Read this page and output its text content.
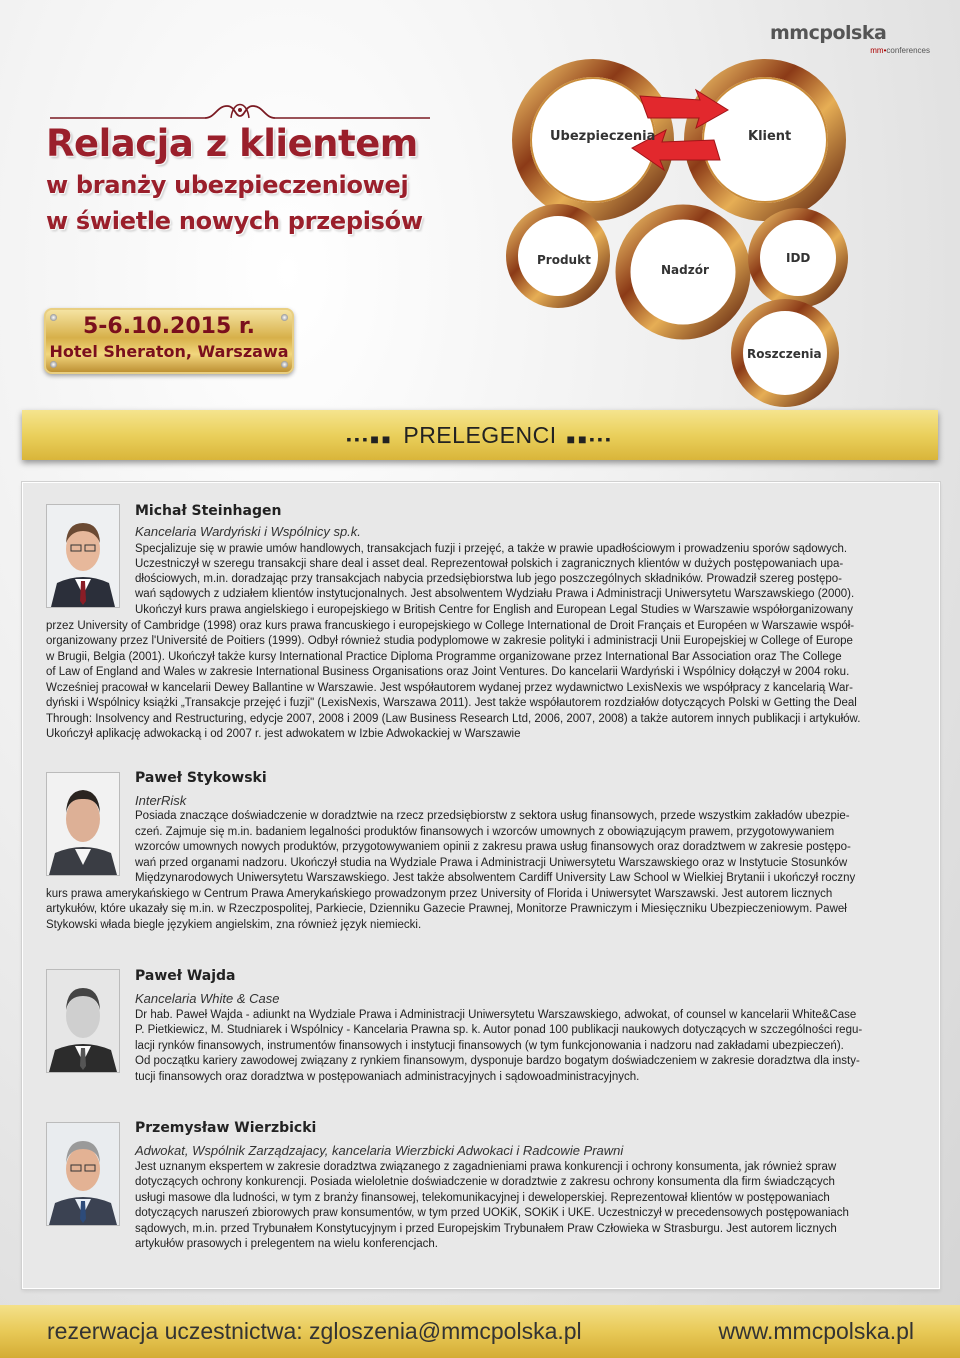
mmcpolska
mm•conferences
Relacja z klientem
w branży ubezpieczeniowej
w świetle nowych przepisów
5-6.10.2015 r.
Hotel Sheraton, Warszawa
Ubezpieczenia	Klient
Produkt
Nadzór
IDD
Roszczenia
▪▪▪■■ PRELEGENCI ■■▪▪▪
Michał Steinhagen
Kancelaria Wardyński i Wspólnicy sp.k.
Specjalizuje się w prawie umów handlowych, transakcjach fuzji i przejęć, a także w prawie upadłościowym i prowadzeniu sporów sądowych.
Uczestniczył w szeregu transakcji share deal i asset deal. Reprezentował polskich i zagranicznych klientów w dużych postępowaniach upa-
dłościowych, m.in. doradzając przy transakcjach nabycia przedsiębiorstwa lub jego poszczególnych składników. Prowadził szereg postępo-
wań sądowych z udziałem klientów instytucjonalnych. Jest absolwentem Wydziału Prawa i Administracji Uniwersytetu Warszawskiego (2000).
Ukończył kurs prawa angielskiego i europejskiego w British Centre for English and European Legal Studies w Warszawie współorganizowany
przez University of Cambridge (1998) oraz kurs prawa francuskiego i europejskiego w College International de Droit Français et Européen w Warszawie współ-
organizowany przez l'Université de Poitiers (1999). Odbył również studia podyplomowe w zakresie polityki i administracji Unii Europejskiej w College of Europe
w Brugii, Belgia (2001). Ukończył także kursy International Practice Diploma Programme organizowane przez International Bar Association oraz The College
of Law of England and Wales w zakresie International Business Organisations oraz Joint Ventures. Do kancelarii Wardyński i Wspólnicy dołączył w 2004 roku.
Wcześniej pracował w kancelarii Dewey Ballantine w Warszawie. Jest współautorem wydanej przez wydawnictwo LexisNexis we współpracy z kancelarią War-
dyński i Wspólnicy książki „Transakcje przejęć i fuzji" (LexisNexis, Warszawa 2011). Jest także współautorem rozdziałów dotyczących Polski w Getting the Deal
Through: Insolvency and Restructuring, edycje 2007, 2008 i 2009 (Law Business Research Ltd, 2006, 2007, 2008) a także autorem innych publikacji i artykułów.
Ukończył aplikację adwokacką i od 2007 r. jest adwokatem w Izbie Adwokackiej w Warszawie
Paweł Stykowski
InterRisk
Posiada znaczące doświadczenie w doradztwie na rzecz przedsiębiorstw z sektora usług finansowych, przede wszystkim zakładów ubezpie-
czeń. Zajmuje się m.in. badaniem legalności produktów finansowych i wzorców umownych z obowiązującym prawem, przygotowywaniem
wzorców umownych nowych produktów, przygotowywaniem opinii z zakresu prawa usług finansowych oraz doradztwem w zakresie postępo-
wań przed organami nadzoru. Ukończył studia na Wydziale Prawa i Administracji Uniwersytetu Warszawskiego oraz w Instytucie Stosunków
Międzynarodowych Uniwersytetu Warszawskiego. Jest także absolwentem Cardiff University Law School w Wielkiej Brytanii i ukończył roczny
kurs prawa amerykańskiego w Centrum Prawa Amerykańskiego prowadzonym przez University of Florida i Uniwersytet Warszawski. Jest autorem licznych
artykułów, które ukazały się m.in. w Rzeczpospolitej, Parkiecie, Dzienniku Gazecie Prawnej, Monitorze Prawniczym i Miesięczniku Ubezpieczeniowym. Paweł
Stykowski włada biegle językiem angielskim, zna również język niemiecki.
Paweł Wajda
Kancelaria White & Case
Dr hab. Paweł Wajda - adiunkt na Wydziale Prawa i Administracji Uniwersytetu Warszawskiego, adwokat, of counsel w kancelarii White&Case
P. Pietkiewicz, M. Studniarek i Wspólnicy - Kancelaria Prawna sp. k. Autor ponad 100 publikacji naukowych dotyczących w szczególności regu-
lacji rynków finansowych, instrumentów finansowych i instytucji finansowych (w tym funkcjonowania i nadzoru nad zakładami ubezpieczeń).
Od początku kariery zawodowej związany z rynkiem finansowym, dysponuje bardzo bogatym doświadczeniem w zakresie doradztwa dla insty-
tucji finansowych oraz doradztwa w postępowaniach administracyjnych i sądowoadministracyjnych.
Przemysław Wierzbicki
Adwokat, Wspólnik Zarządzajacy, kancelaria Wierzbicki Adwokaci i Radcowie Prawni
Jest uznanym ekspertem w zakresie doradztwa związanego z zagadnieniami prawa konkurencji i ochrony konsumenta, jak również spraw
dotyczących ochrony konkurencji. Posiada wieloletnie doświadczenie w doradztwie z zakresu ochrony konsumenta dla firm świadczących
usługi masowe dla ludności, w tym z branży finansowej, telekomunikacyjnej i deweloperskiej. Reprezentował klientów w postępowaniach
dotyczących naruszeń zbiorowych praw konsumentów, w tym przed UOKiK, SOKiK i UKE. Uczestniczył w precedensowych postępowaniach
sądowych, m.in. przed Trybunałem Konstytucyjnym i przed Europejskim Trybunałem Praw Człowieka w Strasburgu. Jest autorem licznych
artykułów prasowych i prelegentem na wielu konferencjach.
rezerwacja uczestnictwa: zgloszenia@mmcpolska.pl	www.mmcpolska.pl
